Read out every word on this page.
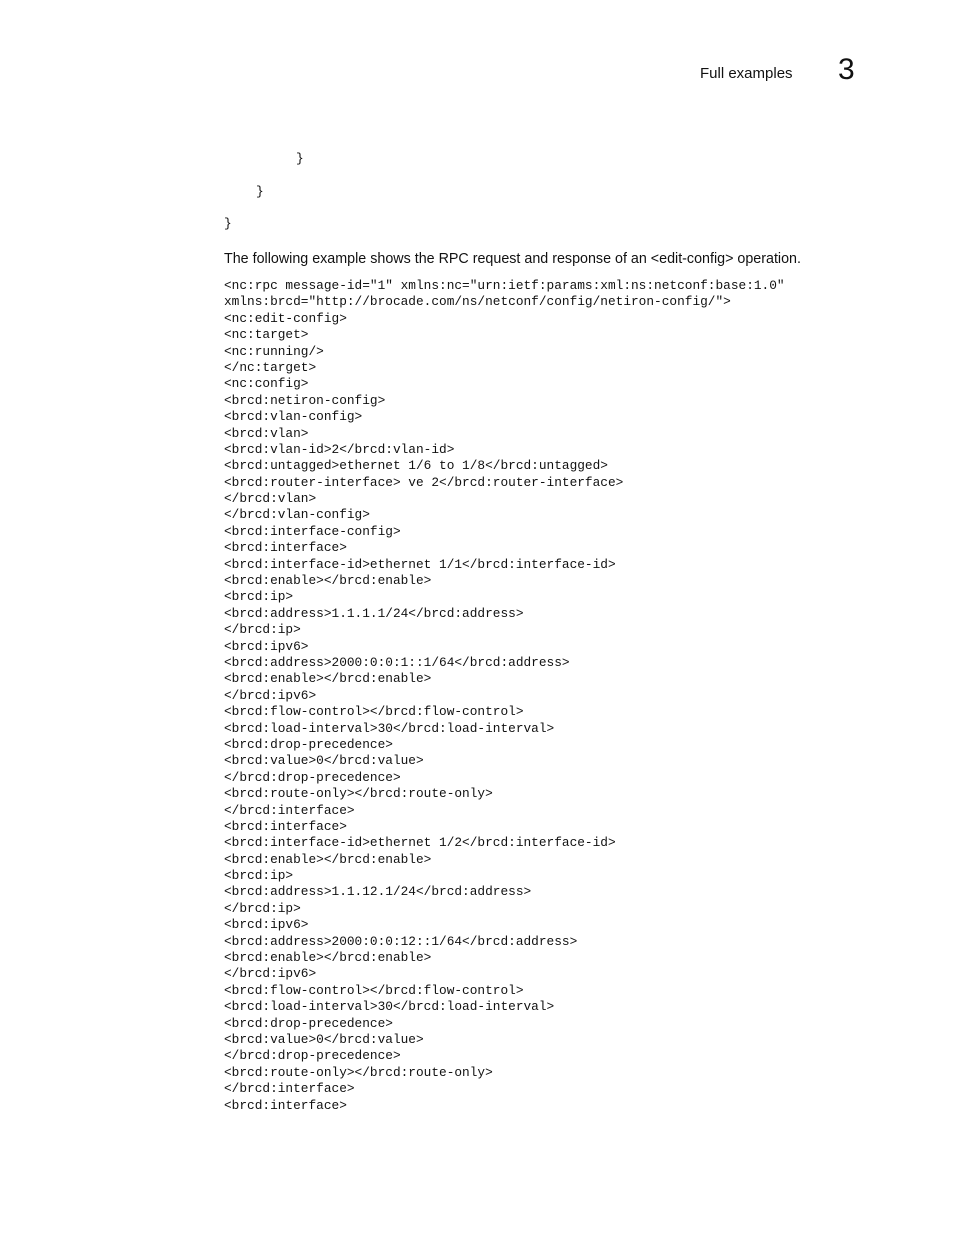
Full examples 3
}
}
}

The following example shows the RPC request and response of an <edit-config> operation.

<nc:rpc message-id="1" xmlns:nc="urn:ietf:params:xml:ns:netconf:base:1.0"
xmlns:brcd="http://brocade.com/ns/netconf/config/netiron-config/">
<nc:edit-config>
<nc:target>
<nc:running/>
</nc:target>
<nc:config>
<brcd:netiron-config>
<brcd:vlan-config>
<brcd:vlan>
<brcd:vlan-id>2</brcd:vlan-id>
<brcd:untagged>ethernet 1/6 to 1/8</brcd:untagged>
<brcd:router-interface> ve 2</brcd:router-interface>
</brcd:vlan>
</brcd:vlan-config>
<brcd:interface-config>
<brcd:interface>
<brcd:interface-id>ethernet 1/1</brcd:interface-id>
<brcd:enable></brcd:enable>
<brcd:ip>
<brcd:address>1.1.1.1/24</brcd:address>
</brcd:ip>
<brcd:ipv6>
<brcd:address>2000:0:0:1::1/64</brcd:address>
<brcd:enable></brcd:enable>
</brcd:ipv6>
<brcd:flow-control></brcd:flow-control>
<brcd:load-interval>30</brcd:load-interval>
<brcd:drop-precedence>
<brcd:value>0</brcd:value>
</brcd:drop-precedence>
<brcd:route-only></brcd:route-only>
</brcd:interface>
<brcd:interface>
<brcd:interface-id>ethernet 1/2</brcd:interface-id>
<brcd:enable></brcd:enable>
<brcd:ip>
<brcd:address>1.1.12.1/24</brcd:address>
</brcd:ip>
<brcd:ipv6>
<brcd:address>2000:0:0:12::1/64</brcd:address>
<brcd:enable></brcd:enable>
</brcd:ipv6>
<brcd:flow-control></brcd:flow-control>
<brcd:load-interval>30</brcd:load-interval>
<brcd:drop-precedence>
<brcd:value>0</brcd:value>
</brcd:drop-precedence>
<brcd:route-only></brcd:route-only>
</brcd:interface>
<brcd:interface>
